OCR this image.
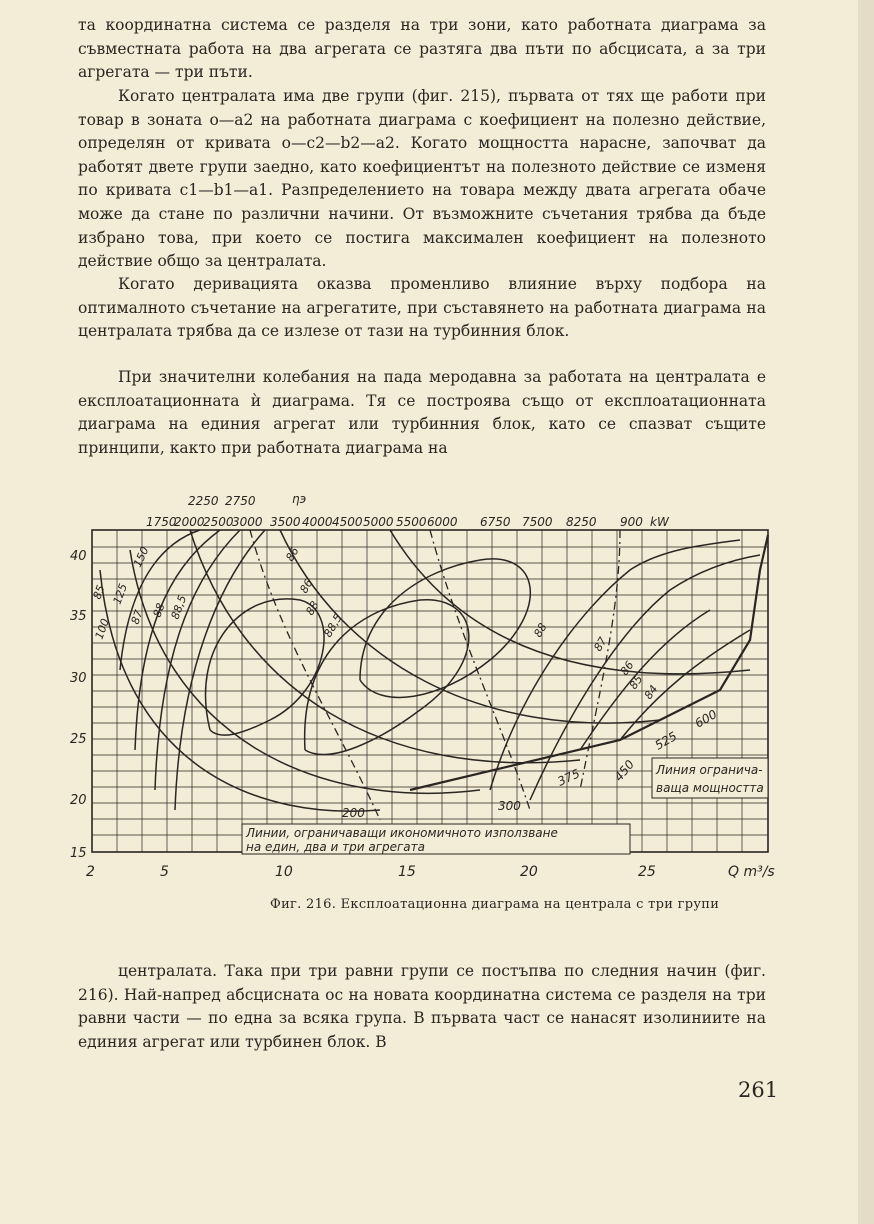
та координатна система се разделя на три зони, като работната диаграма за съвместната работа на два агрегата се разтяга два пъти по абсцисата, а за три агрегата — три пъти.

Когато централата има две групи (фиг. 215), първата от тях ще работи при товар в зоната o—a2 на работната диаграма с коефициент на полезно действие, определян от кривата o—c2—b2—a2. Когато мощността нарасне, започват да работят двете групи заедно, като коефициентът на полезното действие се изменя по кривата c1—b1—a1. Разпределението на товара между двата агрегата обаче може да стане по различни начини. От възможните съчетания трябва да бъде избрано това, при което се постига максимален коефициент на полезното действие общо за централата.

Когато деривацията оказва променливо влияние върху подбора на оптималното съчетание на агрегатите, при съставянето на работната диаграма на централата трябва да се излезе от тази на турбинния блок.

При значителни колебания на пада меродавна за работата на централата е експлоатационната ѝ диаграма. Тя се построява също от експлоатационната диаграма на единия агрегат или турбинния блок, като се спазват същите принципи, както при работната диаграма на

2250 2750	ηэ
1750
2000
2500
3000 3500 4000 4500 5000 5500 6000 6750 7500 8250 900 kW
40
35
30
25
20
15
2	5	10	15	20	25	Q m³/s
85
87 88 88,5
86
86
88
88,5	88
87
86
85
84
100
125
150
200	300
375 450
525
600
Линия ограничa-
ваща мощността
Линии, ограничаващи икономичното използване
на един, два и три агрегата
Фиг. 216. Експлоатационна диаграма на централа с три групи

централата. Така при три равни групи се постъпва по следния начин (фиг. 216). Най-напред абсцисната ос на новата координатна система се разделя на три равни части — по една за всяка група. В първата част се нанасят изолиниите на единия агрегат или турбинен блок. В

261
